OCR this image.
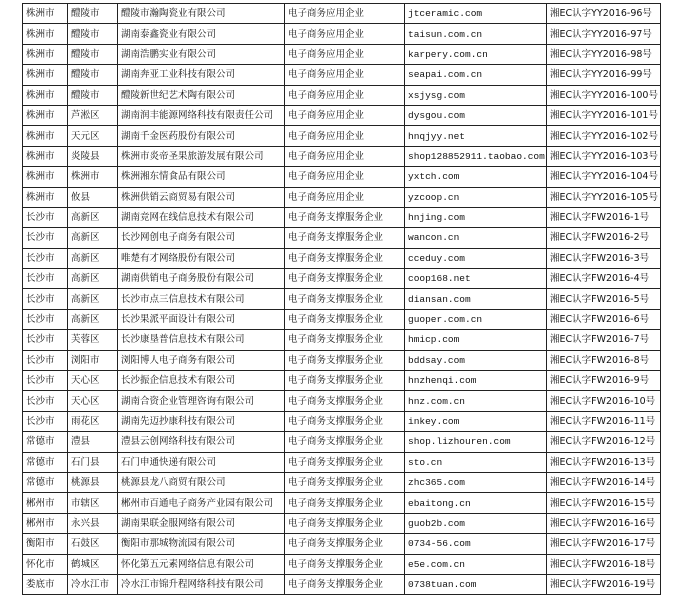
株洲市	醴陵市	醴陵市瀚陶瓷业有限公司	电子商务应用企业	jtceramic.com	湘EC认字YY2016-96号
株洲市	醴陵市	湖南泰鑫瓷业有限公司	电子商务应用企业	taisun.com.cn	湘EC认字YY2016-97号
株洲市	醴陵市	湖南浩鹏实业有限公司	电子商务应用企业	karpery.com.cn	湘EC认字YY2016-98号
株洲市	醴陵市	湖南奔亚工业科技有限公司	电子商务应用企业	seapai.com.cn	湘EC认字YY2016-99号
株洲市	醴陵市	醴陵新世纪艺术陶有限公司	电子商务应用企业	xsjysg.com	湘EC认字YY2016-100号
株洲市	芦淞区	湖南润丰能源网络科技有限责任公司	电子商务应用企业	dysgou.com	湘EC认字YY2016-101号
株洲市	天元区	湖南千金医药股份有限公司	电子商务应用企业	hnqjyy.net	湘EC认字YY2016-102号
株洲市	炎陵县	株洲市炎帝圣果旅游发展有限公司	电子商务应用企业	shop128852911.taobao.com	湘EC认字YY2016-103号
株洲市	株洲市	株洲湘东情食品有限公司	电子商务应用企业	yxtch.com	湘EC认字YY2016-104号
株洲市	攸县	株洲供销云商贸易有限公司	电子商务应用企业	yzcoop.cn	湘EC认字YY2016-105号
长沙市	高新区	湖南竞网在线信息技术有限公司	电子商务支撑服务企业	hnjing.com	湘EC认字FW2016-1号
长沙市	高新区	长沙网创电子商务有限公司	电子商务支撑服务企业	wancon.cn	湘EC认字FW2016-2号
长沙市	高新区	唯楚有才网络股份有限公司	电子商务支撑服务企业	cceduy.com	湘EC认字FW2016-3号
长沙市	高新区	湖南供销电子商务股份有限公司	电子商务支撑服务企业	coop168.net	湘EC认字FW2016-4号
长沙市	高新区	长沙市点三信息技术有限公司	电子商务支撑服务企业	diansan.com	湘EC认字FW2016-5号
长沙市	高新区	长沙果派平面设计有限公司	电子商务支撑服务企业	guoper.com.cn	湘EC认字FW2016-6号
长沙市	芙蓉区	长沙康垦普信息技术有限公司	电子商务支撑服务企业	hmicp.com	湘EC认字FW2016-7号
长沙市	浏阳市	浏阳博人电子商务有限公司	电子商务支撑服务企业	bddsay.com	湘EC认字FW2016-8号
长沙市	天心区	长沙振企信息技术有限公司	电子商务支撑服务企业	hnzhenqi.com	湘EC认字FW2016-9号
长沙市	天心区	湖南合资企业管理咨询有限公司	电子商务支撑服务企业	hnz.com.cn	湘EC认字FW2016-10号
长沙市	雨花区	湖南先迈抄康科技有限公司	电子商务支撑服务企业	inkey.com	湘EC认字FW2016-11号
常德市	澧县	澧县云创网络科技有限公司	电子商务支撑服务企业	shop.lizhouren.com	湘EC认字FW2016-12号
常德市	石门县	石门申通快递有限公司	电子商务支撑服务企业	sto.cn	湘EC认字FW2016-13号
常德市	桃源县	桃源县龙八商贸有限公司	电子商务支撑服务企业	zhc365.com	湘EC认字FW2016-14号
郴州市	市辖区	郴州市百通电子商务产业园有限公司	电子商务支撑服务企业	ebaitong.cn	湘EC认字FW2016-15号
郴州市	永兴县	湖南果联金服网络有限公司	电子商务支撑服务企业	guob2b.com	湘EC认字FW2016-16号
衡阳市	石鼓区	衡阳市那城物流园有限公司	电子商务支撑服务企业	0734-56.com	湘EC认字FW2016-17号
怀化市	鹤城区	怀化第五元素网络信息有限公司	电子商务支撑服务企业	e5e.com.cn	湘EC认字FW2016-18号
娄底市	冷水江市	冷水江市锦升程网络科技有限公司	电子商务支撑服务企业	0738tuan.com	湘EC认字FW2016-19号
